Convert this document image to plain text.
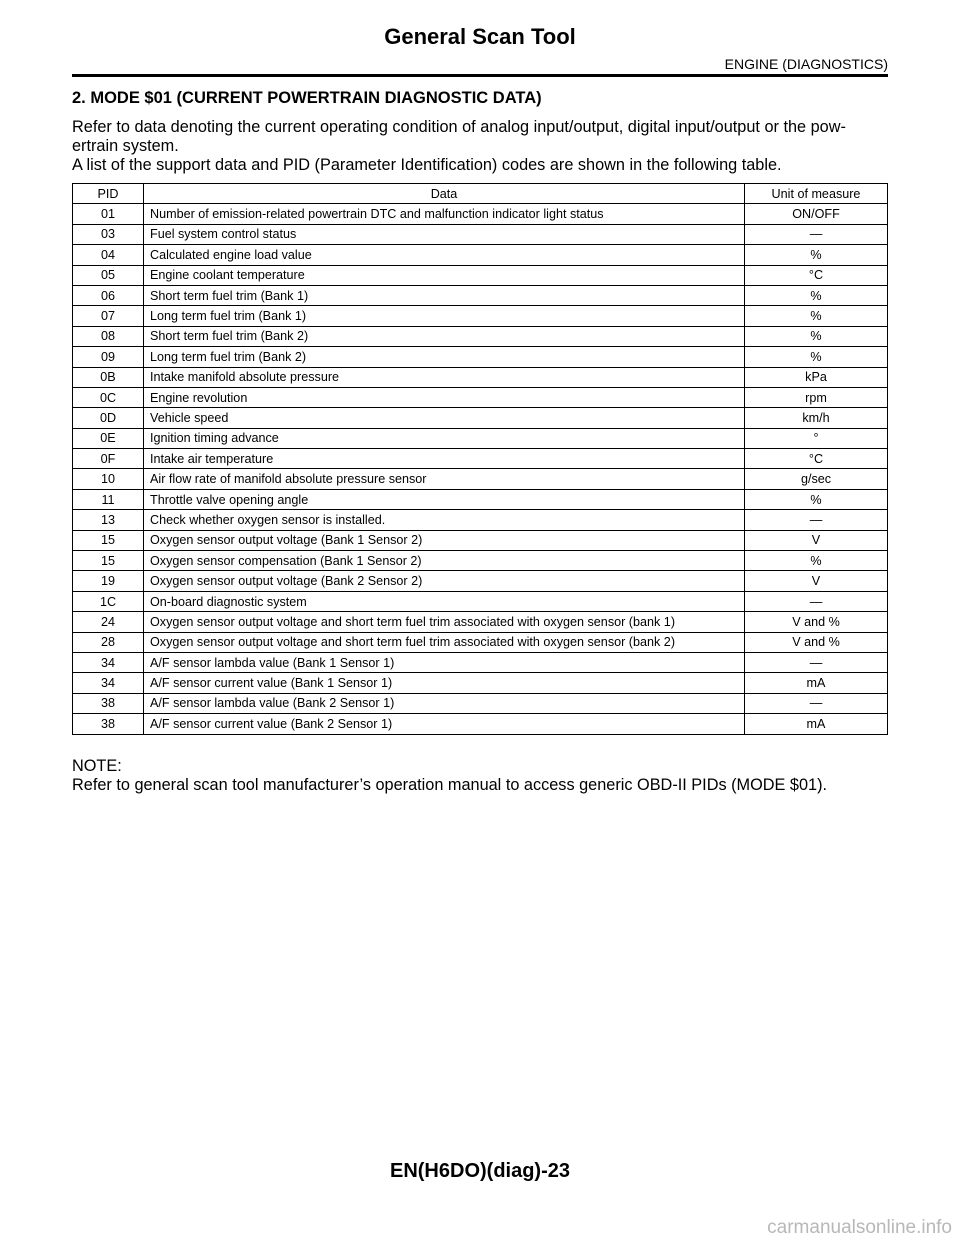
General Scan Tool
ENGINE (DIAGNOSTICS)
2. MODE $01 (CURRENT POWERTRAIN DIAGNOSTIC DATA)

Refer to data denoting the current operating condition of analog input/output, digital input/output or the pow- ertrain system.

A list of the support data and PID (Parameter Identification) codes are shown in the following table.

PID	Data	Unit of measure
01	Number of emission-related powertrain DTC and malfunction indicator light status	ON/OFF
03	Fuel system control status	—
04	Calculated engine load value	%
05	Engine coolant temperature	°C
06	Short term fuel trim (Bank 1)	%
07	Long term fuel trim (Bank 1)	%
08	Short term fuel trim (Bank 2)	%
09	Long term fuel trim (Bank 2)	%
0B	Intake manifold absolute pressure	kPa
0C	Engine revolution	rpm
0D	Vehicle speed	km/h
0E	Ignition timing advance	°
0F	Intake air temperature	°C
10	Air flow rate of manifold absolute pressure sensor	g/sec
11	Throttle valve opening angle	%
13	Check whether oxygen sensor is installed.	—
15	Oxygen sensor output voltage (Bank 1 Sensor 2)	V
15	Oxygen sensor compensation (Bank 1 Sensor 2)	%
19	Oxygen sensor output voltage (Bank 2 Sensor 2)	V
1C	On-board diagnostic system	—
24	Oxygen sensor output voltage and short term fuel trim associated with oxygen sensor (bank 1)	V and %
28	Oxygen sensor output voltage and short term fuel trim associated with oxygen sensor (bank 2)	V and %
34	A/F sensor lambda value (Bank 1 Sensor 1)	—
34	A/F sensor current value (Bank 1 Sensor 1)	mA
38	A/F sensor lambda value (Bank 2 Sensor 1)	—
38	A/F sensor current value (Bank 2 Sensor 1)	mA

NOTE:

Refer to general scan tool manufacturer’s operation manual to access generic OBD-II PIDs (MODE $01).

EN(H6DO)(diag)-23
carmanualsonline.info
